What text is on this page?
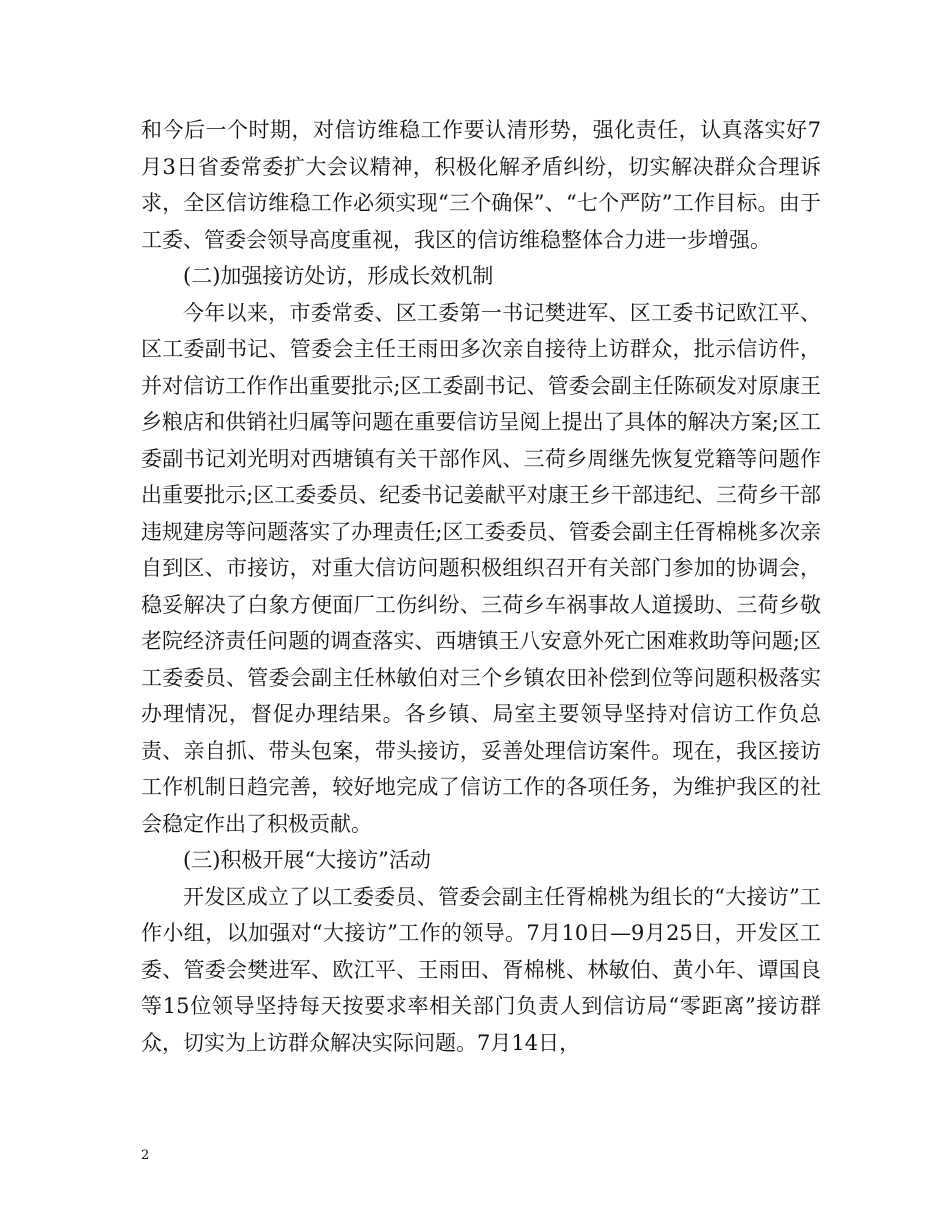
和今后一个时期，对信访维稳工作要认清形势，强化责任，认真落实好7月3日省委常委扩大会议精神，积极化解矛盾纠纷，切实解决群众合理诉求，全区信访维稳工作必须实现“三个确保”、“七个严防”工作目标。由于工委、管委会领导高度重视，我区的信访维稳整体合力进一步增强。

(二)加强接访处访，形成长效机制

今年以来，市委常委、区工委第一书记樊进军、区工委书记欧江平、区工委副书记、管委会主任王雨田多次亲自接待上访群众，批示信访件，并对信访工作作出重要批示;区工委副书记、管委会副主任陈硕发对原康王乡粮店和供销社归属等问题在重要信访呈阅上提出了具体的解决方案;区工委副书记刘光明对西塘镇有关干部作风、三荷乡周继先恢复党籍等问题作出重要批示;区工委委员、纪委书记姜献平对康王乡干部违纪、三荷乡干部违规建房等问题落实了办理责任;区工委委员、管委会副主任胥棉桃多次亲自到区、市接访，对重大信访问题积极组织召开有关部门参加的协调会，稳妥解决了白象方便面厂工伤纠纷、三荷乡车祸事故人道援助、三荷乡敬老院经济责任问题的调查落实、西塘镇王八安意外死亡困难救助等问题;区工委委员、管委会副主任林敏伯对三个乡镇农田补偿到位等问题积极落实办理情况，督促办理结果。各乡镇、局室主要领导坚持对信访工作负总责、亲自抓、带头包案，带头接访，妥善处理信访案件。现在，我区接访工作机制日趋完善，较好地完成了信访工作的各项任务，为维护我区的社会稳定作出了积极贡献。

(三)积极开展“大接访”活动

开发区成立了以工委委员、管委会副主任胥棉桃为组长的“大接访”工作小组，以加强对“大接访”工作的领导。7月10日—9月25日，开发区工委、管委会樊进军、欧江平、王雨田、胥棉桃、林敏伯、黄小年、谭国良等15位领导坚持每天按要求率相关部门负责人到信访局“零距离”接访群众，切实为上访群众解决实际问题。7月14日，

2
